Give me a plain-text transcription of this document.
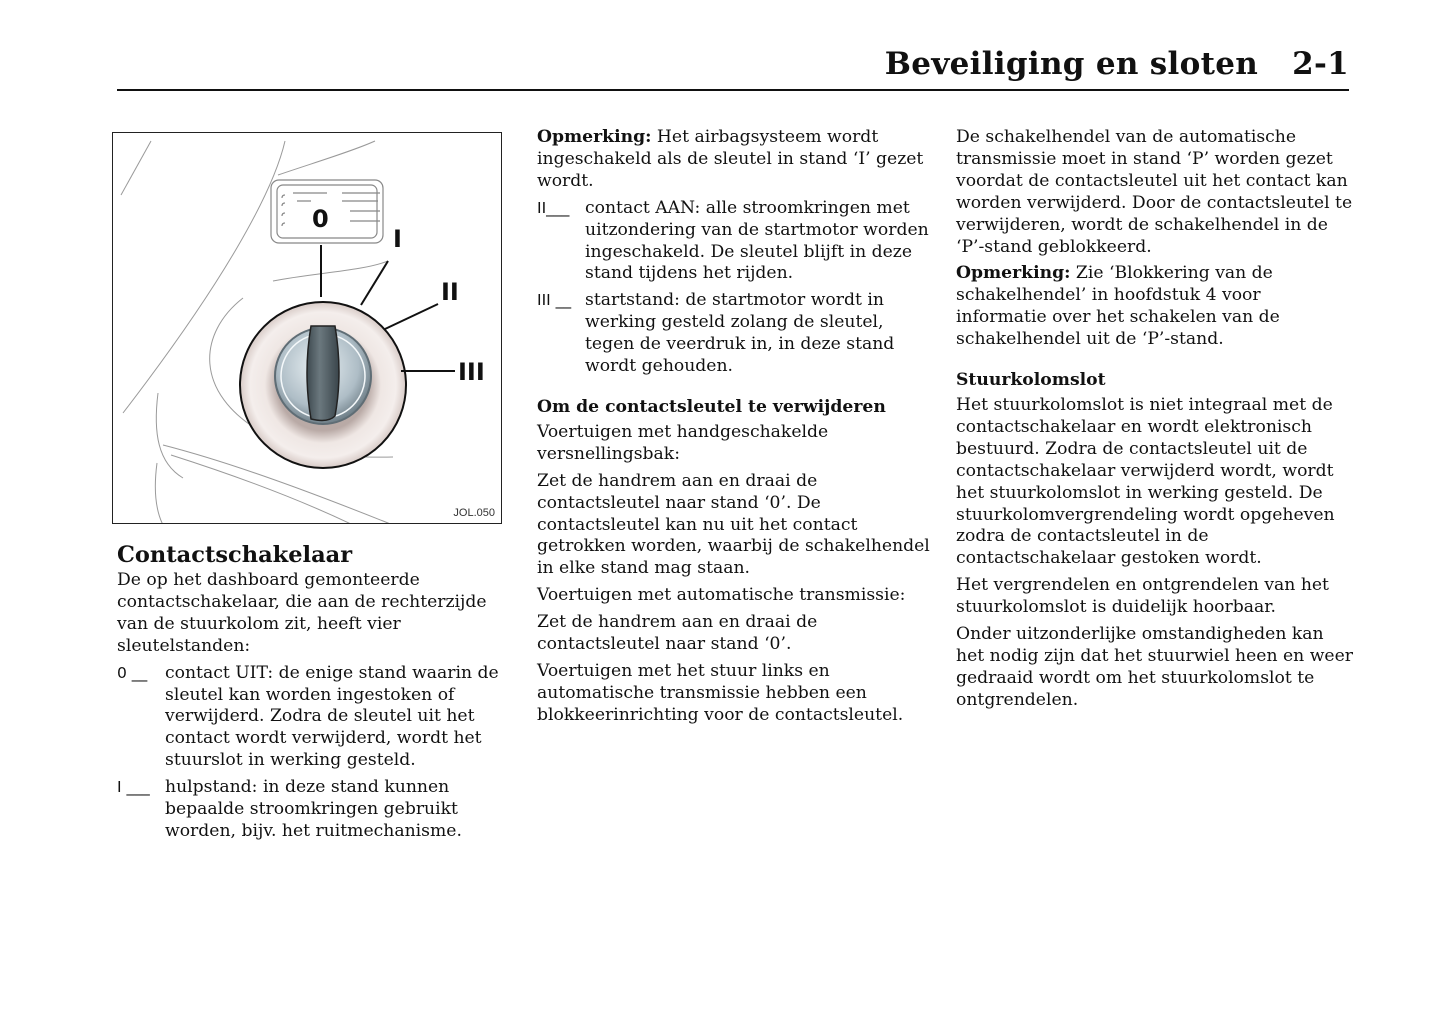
Beveiliging en sloten 2-1
0
I
II
III
JOL.050
Contactschakelaar

De op het dashboard gemonteerde contactschakelaar, die aan de rechterzijde van de stuurkolom zit, heeft vier sleutelstanden:

0 __	contact UIT: de enige stand waarin de sleutel kan worden ingestoken of verwijderd. Zodra de sleutel uit het contact wordt verwijderd, wordt het stuurslot in werking gesteld.
I ___ hulpstand: in deze stand kunnen bepaalde stroomkringen gebruikt worden, bijv. het ruitmechanisme.

Opmerking: Het airbagsysteem wordt ingeschakeld als de sleutel in stand ‘I’ gezet wordt.

II___ contact AAN: alle stroomkringen met uitzondering van de startmotor worden ingeschakeld. De sleutel blijft in deze stand tijdens het rijden.
III __ startstand: de startmotor wordt in werking gesteld zolang de sleutel, tegen de veerdruk in, in deze stand wordt gehouden.
Om de contactsleutel te verwijderen

Voertuigen met handgeschakelde versnellingsbak:

Zet de handrem aan en draai de contactsleutel naar stand ‘0’. De contactsleutel kan nu uit het contact getrokken worden, waarbij de schakelhendel in elke stand mag staan.

Voertuigen met automatische transmissie:

Zet de handrem aan en draai de contactsleutel naar stand ‘0’.

Voertuigen met het stuur links en automatische transmissie hebben een blokkeerinrichting voor de contactsleutel.

De schakelhendel van de automatische transmissie moet in stand ‘P’ worden gezet voordat de contactsleutel uit het contact kan worden verwijderd. Door de contactsleutel te verwijderen, wordt de schakelhendel in de ‘P’-stand geblokkeerd.

Opmerking: Zie ‘Blokkering van de schakelhendel’ in hoofdstuk 4 voor informatie over het schakelen van de schakelhendel uit de ‘P’-stand.

Stuurkolomslot

Het stuurkolomslot is niet integraal met de contactschakelaar en wordt elektronisch bestuurd. Zodra de contactsleutel uit de contactschakelaar verwijderd wordt, wordt het stuurkolomslot in werking gesteld. De stuurkolomvergrendeling wordt opgeheven zodra de contactsleutel in de contactschakelaar gestoken wordt.

Het vergrendelen en ontgrendelen van het stuurkolomslot is duidelijk hoorbaar.

Onder uitzonderlijke omstandigheden kan het nodig zijn dat het stuurwiel heen en weer gedraaid wordt om het stuurkolomslot te ontgrendelen.
